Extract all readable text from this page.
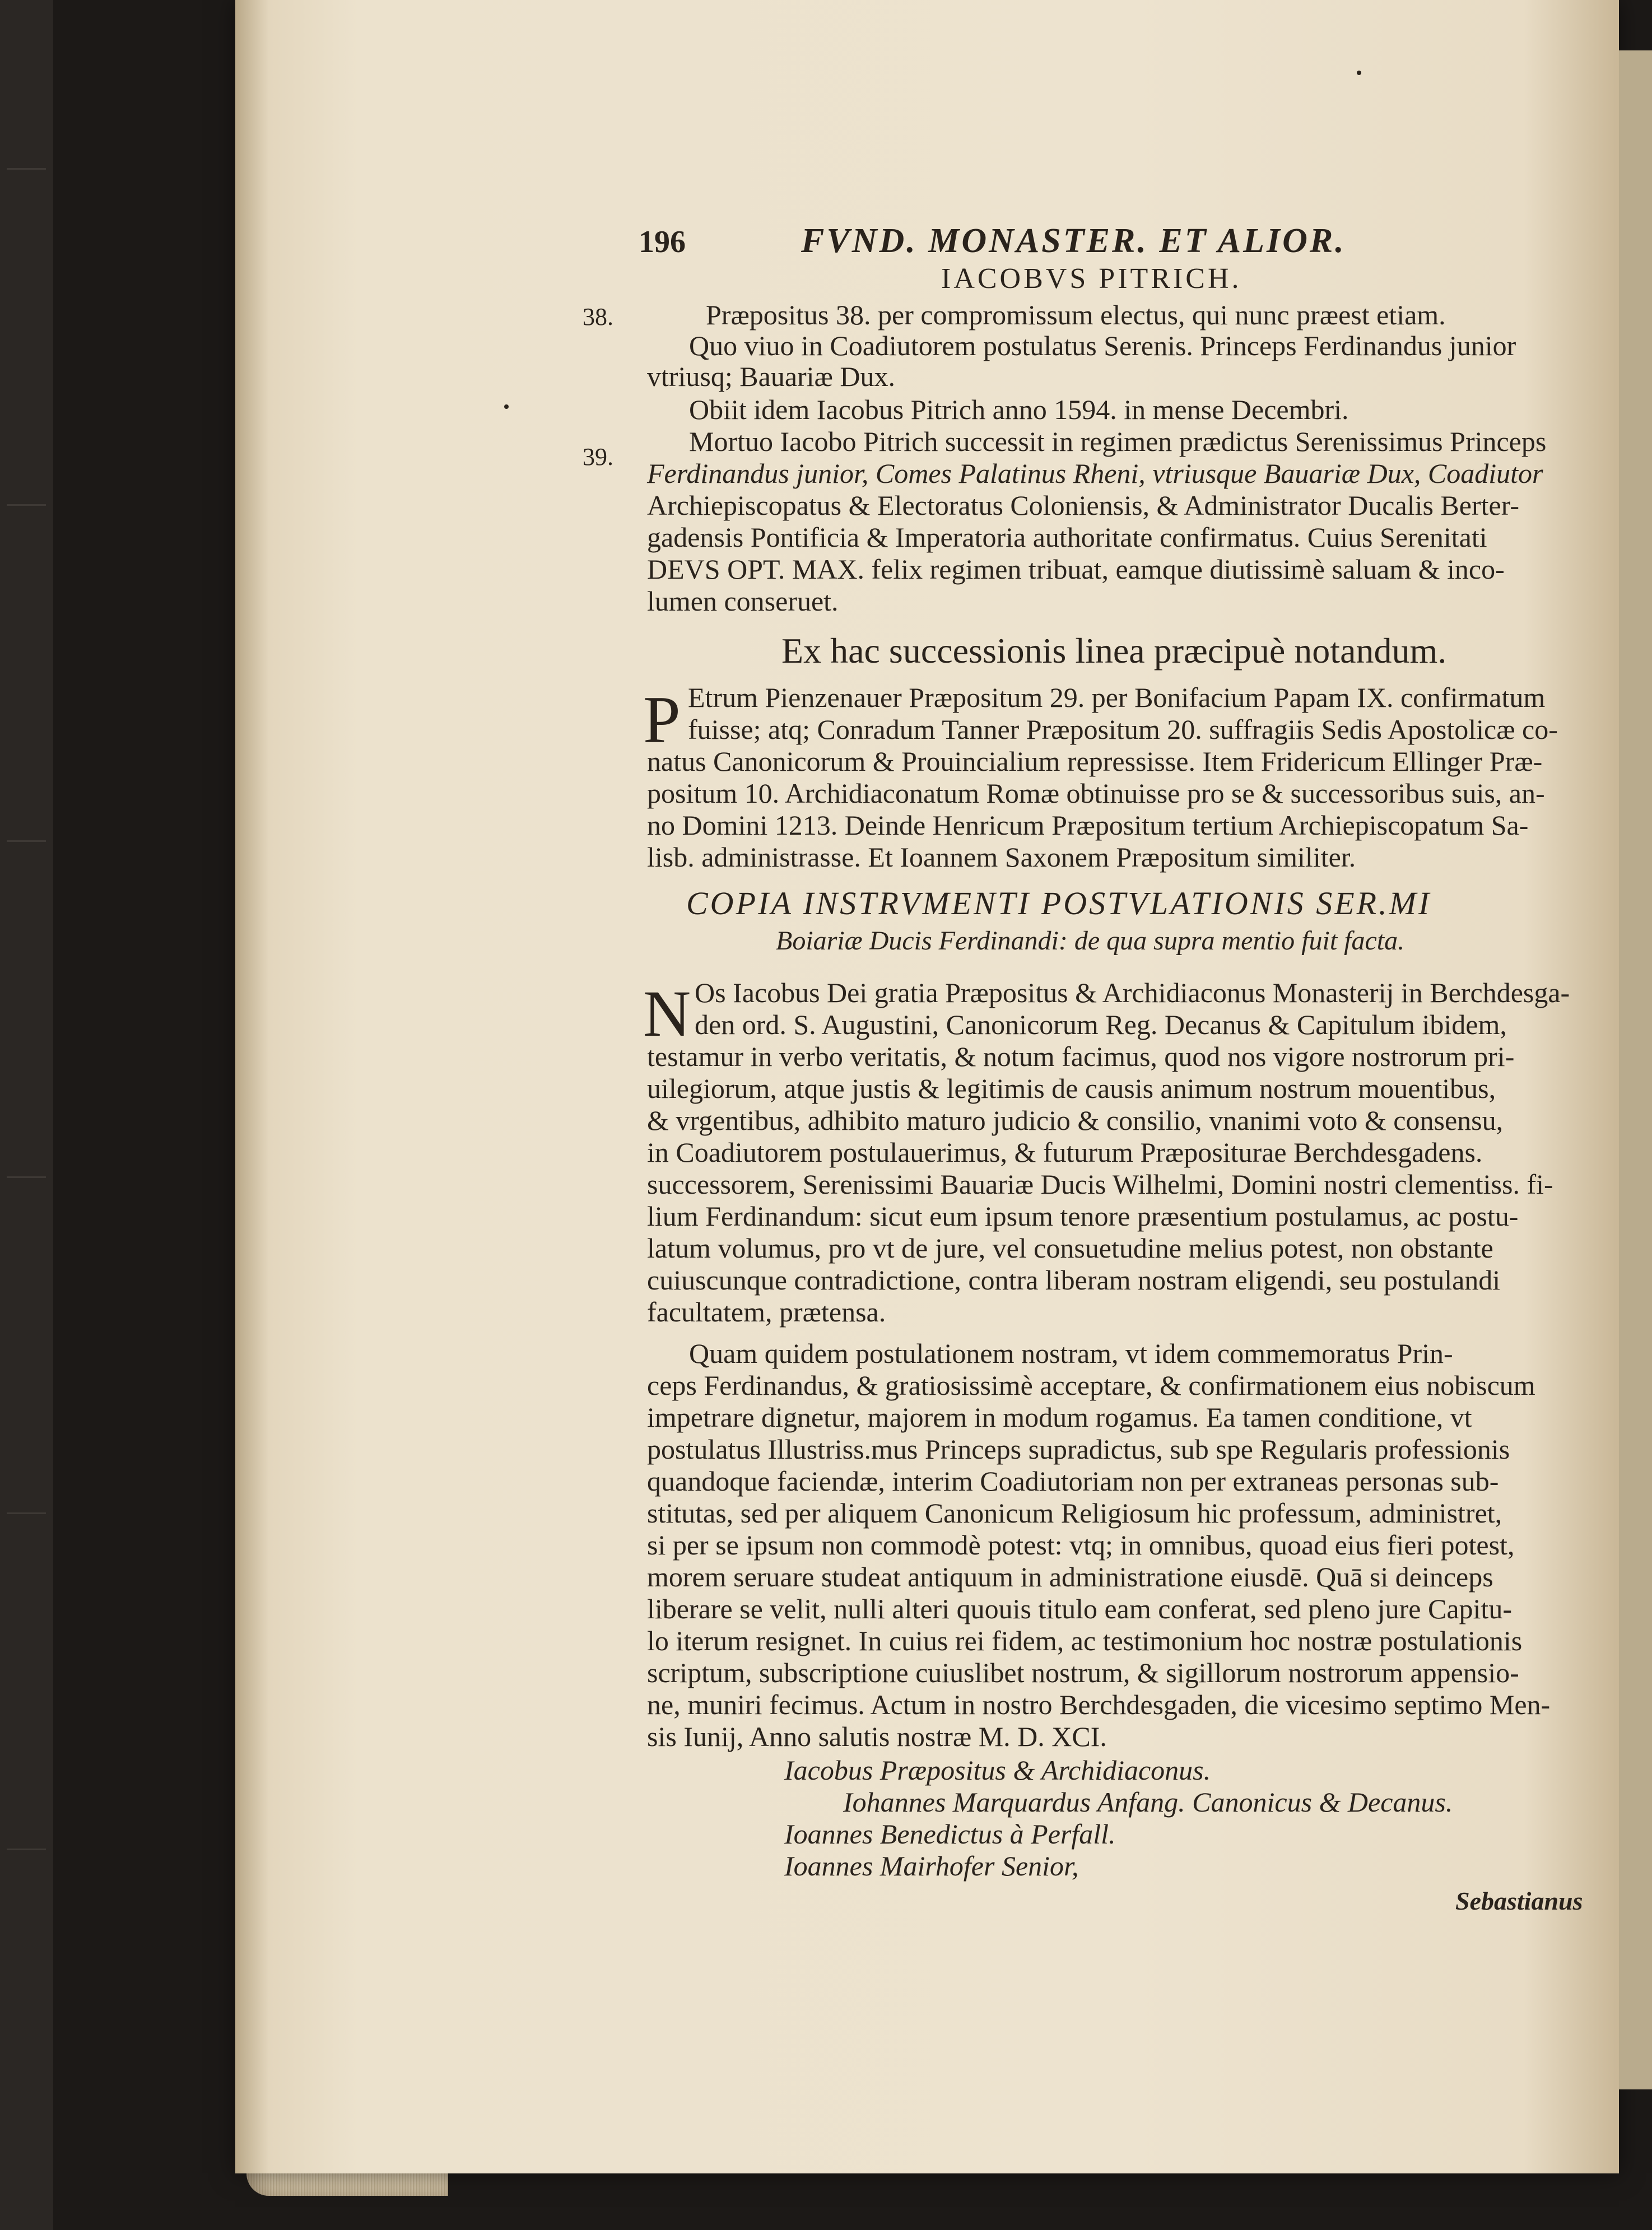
196	FVND. MONASTER. ET ALIOR.
IACOBVS PITRICH.
38.
39.
Præpositus 38. per compromissum electus, qui nunc præest etiam.
Quo viuo in Coadiutorem postulatus Serenis. Princeps Ferdinandus junior
vtriusq; Bauariæ Dux.
Obiit idem Iacobus Pitrich anno 1594. in mense Decembri.
Mortuo Iacobo Pitrich successit in regimen prædictus Serenissimus Princeps
Ferdinandus junior, Comes Palatinus Rheni, vtriusque Bauariæ Dux, Coadiutor
Archiepiscopatus & Electoratus Coloniensis, & Administrator Ducalis Berter-
gadensis Pontificia & Imperatoria authoritate confirmatus. Cuius Serenitati
DEVS OPT. MAX. felix regimen tribuat, eamque diutissimè saluam & inco-
lumen conseruet.
Ex hac successionis linea præcipuè notandum.
P Etrum Pienzenauer Præpositum 29. per Bonifacium Papam IX. confirmatum
fuisse; atq; Conradum Tanner Præpositum 20. suffragiis Sedis Apostolicæ co-
natus Canonicorum & Prouincialium repressisse. Item Fridericum Ellinger Præ-
positum 10. Archidiaconatum Romæ obtinuisse pro se & successoribus suis, an-
no Domini 1213. Deinde Henricum Præpositum tertium Archiepiscopatum Sa-
lisb. administrasse. Et Ioannem Saxonem Præpositum similiter.
COPIA INSTRVMENTI POSTVLATIONIS SER.MI
Boiariæ Ducis Ferdinandi: de qua supra mentio fuit facta.
N Os Iacobus Dei gratia Præpositus & Archidiaconus Monasterij in Berchdesga-
den ord. S. Augustini, Canonicorum Reg. Decanus & Capitulum ibidem,
testamur in verbo veritatis, & notum facimus, quod nos vigore nostrorum pri-
uilegiorum, atque justis & legitimis de causis animum nostrum mouentibus,
& vrgentibus, adhibito maturo judicio & consilio, vnanimi voto & consensu,
in Coadiutorem postulauerimus, & futurum Præpositurae Berchdesgadens.
successorem, Serenissimi Bauariæ Ducis Wilhelmi, Domini nostri clementiss. fi-
lium Ferdinandum: sicut eum ipsum tenore præsentium postulamus, ac postu-
latum volumus, pro vt de jure, vel consuetudine melius potest, non obstante
cuiuscunque contradictione, contra liberam nostram eligendi, seu postulandi
facultatem, prætensa.
Quam quidem postulationem nostram, vt idem commemoratus Prin-
ceps Ferdinandus, & gratiosissimè acceptare, & confirmationem eius nobiscum
impetrare dignetur, majorem in modum rogamus. Ea tamen conditione, vt
postulatus Illustriss.mus Princeps supradictus, sub spe Regularis professionis
quandoque faciendæ, interim Coadiutoriam non per extraneas personas sub-
stitutas, sed per aliquem Canonicum Religiosum hic professum, administret,
si per se ipsum non commodè potest: vtq; in omnibus, quoad eius fieri potest,
morem seruare studeat antiquum in administratione eiusdē. Quā si deinceps
liberare se velit, nulli alteri quouis titulo eam conferat, sed pleno jure Capitu-
lo iterum resignet. In cuius rei fidem, ac testimonium hoc nostræ postulationis
scriptum, subscriptione cuiuslibet nostrum, & sigillorum nostrorum appensio-
ne, muniri fecimus. Actum in nostro Berchdesgaden, die vicesimo septimo Men-
sis Iunij, Anno salutis nostræ M. D. XCI.
Iacobus Præpositus & Archidiaconus.
Iohannes Marquardus Anfang. Canonicus & Decanus.
Ioannes Benedictus à Perfall.
Ioannes Mairhofer Senior,
Sebastianus
